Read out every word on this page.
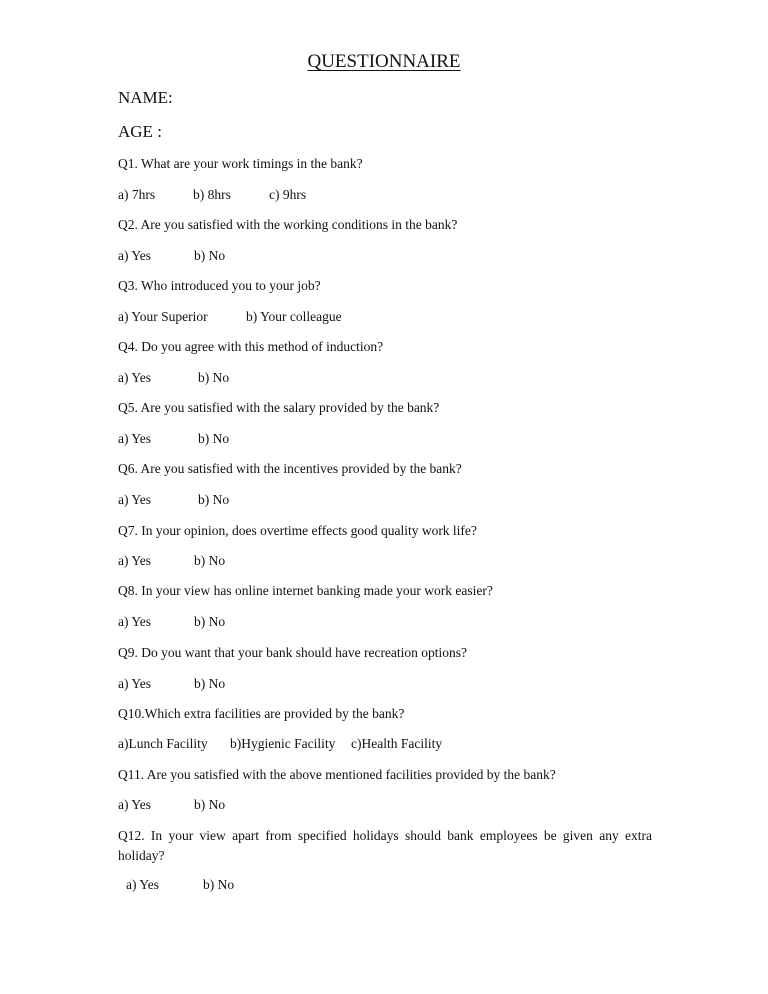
QUESTIONNAIRE
NAME:
AGE :
Q1. What are your work timings in the bank?
a) 7hrs	b) 8hrs	c) 9hrs
Q2. Are you satisfied with the working conditions in the bank?
a) Yes	b) No
Q3. Who introduced you to your job?
a) Your Superior	b) Your colleague
Q4. Do you agree with this method of induction?
a) Yes	b) No
Q5. Are you satisfied with the salary provided by the bank?
a) Yes	b) No
Q6. Are you satisfied with the incentives provided by the bank?
a) Yes	b) No
Q7. In your opinion, does overtime effects good quality work life?
a) Yes	b) No
Q8. In your view has online internet banking made your work easier?
a) Yes	b) No
Q9. Do you want that your bank should have recreation options?
a) Yes	b) No
Q10.Which extra facilities are provided by the bank?
a)Lunch Facility b)Hygienic Facility c)Health Facility
Q11. Are you satisfied with the above mentioned facilities provided by the bank?
a) Yes	b) No
Q12. In your view apart from specified holidays should bank employees be given any extra holiday?
a) Yes	b) No
